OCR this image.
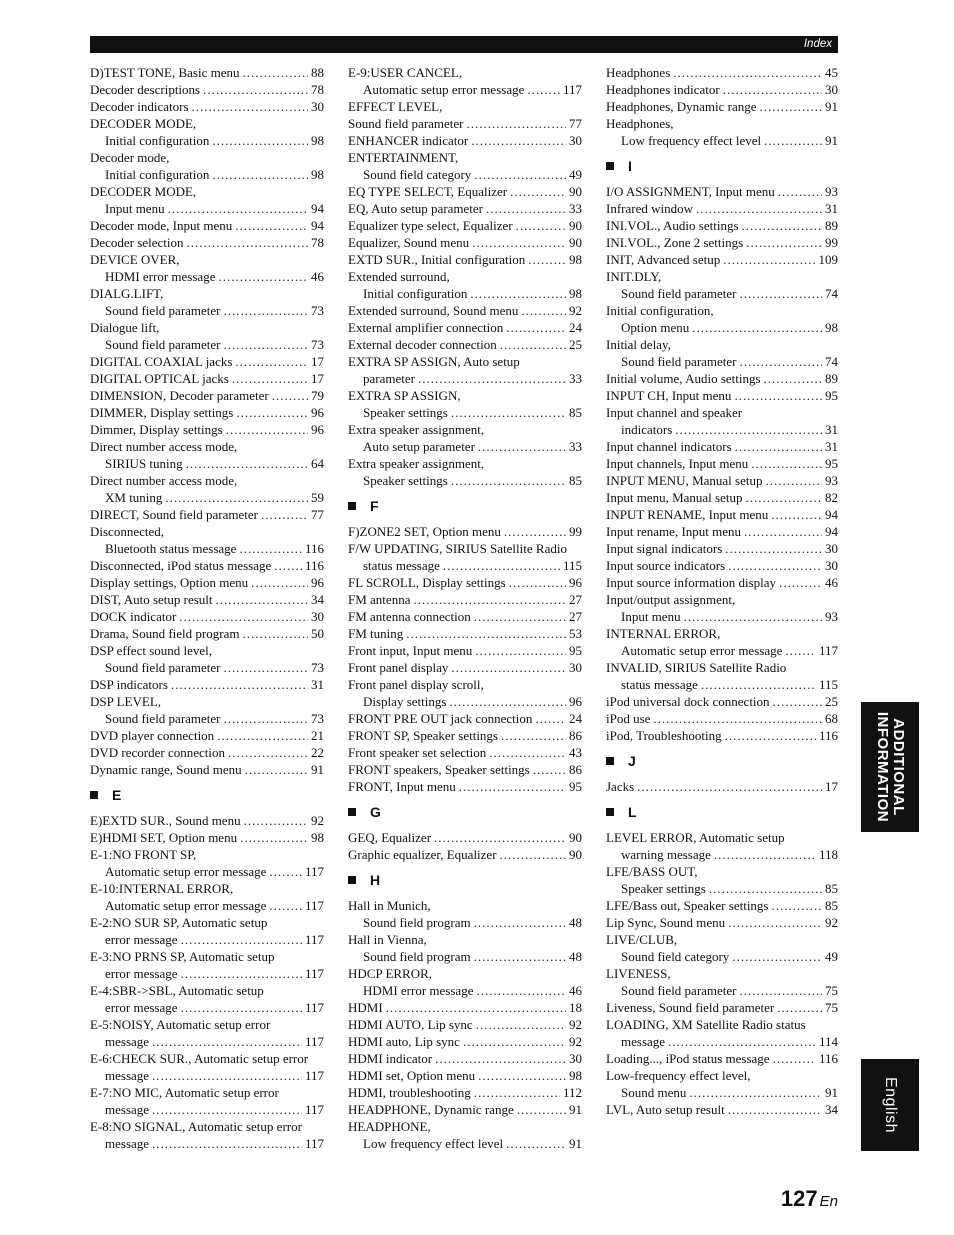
Index
D)TEST TONE, Basic menu .....	88
Decoder descriptions .....	78
Decoder indicators .....	30
DECODER MODE,
Initial configuration .....	98
Decoder mode,
Initial configuration .....	98
DECODER MODE,
Input menu .....	94
Decoder mode, Input menu .....	94
Decoder selection .....	78
DEVICE OVER,
HDMI error message .....	46
DIALG.LIFT,
Sound field parameter .....	73
Dialogue lift,
Sound field parameter .....	73
DIGITAL COAXIAL jacks .....	17
DIGITAL OPTICAL jacks .....	17
DIMENSION, Decoder parameter .....	79
DIMMER, Display settings .....	96
Dimmer, Display settings .....	96
Direct number access mode,
SIRIUS tuning .....	64
Direct number access mode,
XM tuning .....	59
DIRECT, Sound field parameter .....	77
Disconnected,
Bluetooth status message .....	116
Disconnected, iPod status message .....	116
Display settings, Option menu .....	96
DIST, Auto setup result .....	34
DOCK indicator .....	30
Drama, Sound field program .....	50
DSP effect sound level,
Sound field parameter .....	73
DSP indicators .....	31
DSP LEVEL,
Sound field parameter .....	73
DVD player connection .....	21
DVD recorder connection .....	22
Dynamic range, Sound menu .....	91
E
E)EXTD SUR., Sound menu .....	92
E)HDMI SET, Option menu .....	98
E-1:NO FRONT SP,
Automatic setup error message .....	117
E-10:INTERNAL ERROR,
Automatic setup error message .....	117
E-2:NO SUR SP, Automatic setup
error message .....	117
E-3:NO PRNS SP, Automatic setup
error message .....	117
E-4:SBR->SBL, Automatic setup
error message .....	117
E-5:NOISY, Automatic setup error
message .....	117
E-6:CHECK SUR., Automatic setup error
message .....	117
E-7:NO MIC, Automatic setup error
message .....	117
E-8:NO SIGNAL, Automatic setup error
message .....	117
E-9:USER CANCEL,
Automatic setup error message .....	117
EFFECT LEVEL,
Sound field parameter .....	77
ENHANCER indicator .....	30
ENTERTAINMENT,
Sound field category .....	49
EQ TYPE SELECT, Equalizer .....	90
EQ, Auto setup parameter .....	33
Equalizer type select, Equalizer .....	90
Equalizer, Sound menu .....	90
EXTD SUR., Initial configuration .....	98
Extended surround,
Initial configuration .....	98
Extended surround, Sound menu .....	92
External amplifier connection .....	24
External decoder connection .....	25
EXTRA SP ASSIGN, Auto setup
parameter .....	33
EXTRA SP ASSIGN,
Speaker settings .....	85
Extra speaker assignment,
Auto setup parameter .....	33
Extra speaker assignment,
Speaker settings .....	85
F
F)ZONE2 SET, Option menu .....	99
F/W UPDATING, SIRIUS Satellite Radio
status message .....	115
FL SCROLL, Display settings .....	96
FM antenna .....	27
FM antenna connection .....	27
FM tuning .....	53
Front input, Input menu .....	95
Front panel display .....	30
Front panel display scroll,
Display settings .....	96
FRONT PRE OUT jack connection .....	24
FRONT SP, Speaker settings .....	86
Front speaker set selection .....	43
FRONT speakers, Speaker settings .....	86
FRONT, Input menu .....	95
G
GEQ, Equalizer .....	90
Graphic equalizer, Equalizer .....	90
H
Hall in Munich,
Sound field program .....	48
Hall in Vienna,
Sound field program .....	48
HDCP ERROR,
HDMI error message .....	46
HDMI .....	18
HDMI AUTO, Lip sync .....	92
HDMI auto, Lip sync .....	92
HDMI indicator .....	30
HDMI set, Option menu .....	98
HDMI, troubleshooting .....	112
HEADPHONE, Dynamic range .....	91
HEADPHONE,
Low frequency effect level .....	91
Headphones .....	45
Headphones indicator .....	30
Headphones, Dynamic range .....	91
Headphones,
Low frequency effect level .....	91
I
I/O ASSIGNMENT, Input menu .....	93
Infrared window .....	31
INI.VOL., Audio settings .....	89
INI.VOL., Zone 2 settings .....	99
INIT, Advanced setup .....	109
INIT.DLY,
Sound field parameter .....	74
Initial configuration,
Option menu .....	98
Initial delay,
Sound field parameter .....	74
Initial volume, Audio settings .....	89
INPUT CH, Input menu .....	95
Input channel and speaker
indicators .....	31
Input channel indicators .....	31
Input channels, Input menu .....	95
INPUT MENU, Manual setup .....	93
Input menu, Manual setup .....	82
INPUT RENAME, Input menu .....	94
Input rename, Input menu .....	94
Input signal indicators .....	30
Input source indicators .....	30
Input source information display .....	46
Input/output assignment,
Input menu .....	93
INTERNAL ERROR,
Automatic setup error message .....	117
INVALID, SIRIUS Satellite Radio
status message .....	115
iPod universal dock connection .....	25
iPod use .....	68
iPod, Troubleshooting .....	116
J
Jacks .....	17
L
LEVEL ERROR, Automatic setup
warning message .....	118
LFE/BASS OUT,
Speaker settings .....	85
LFE/Bass out, Speaker settings .....	85
Lip Sync, Sound menu .....	92
LIVE/CLUB,
Sound field category .....	49
LIVENESS,
Sound field parameter .....	75
Liveness, Sound field parameter .....	75
LOADING, XM Satellite Radio status
message .....	114
Loading..., iPod status message .....	116
Low-frequency effect level,
Sound menu .....	91
LVL, Auto setup result .....	34
ADDITIONAL
INFORMATION
English
127 En
